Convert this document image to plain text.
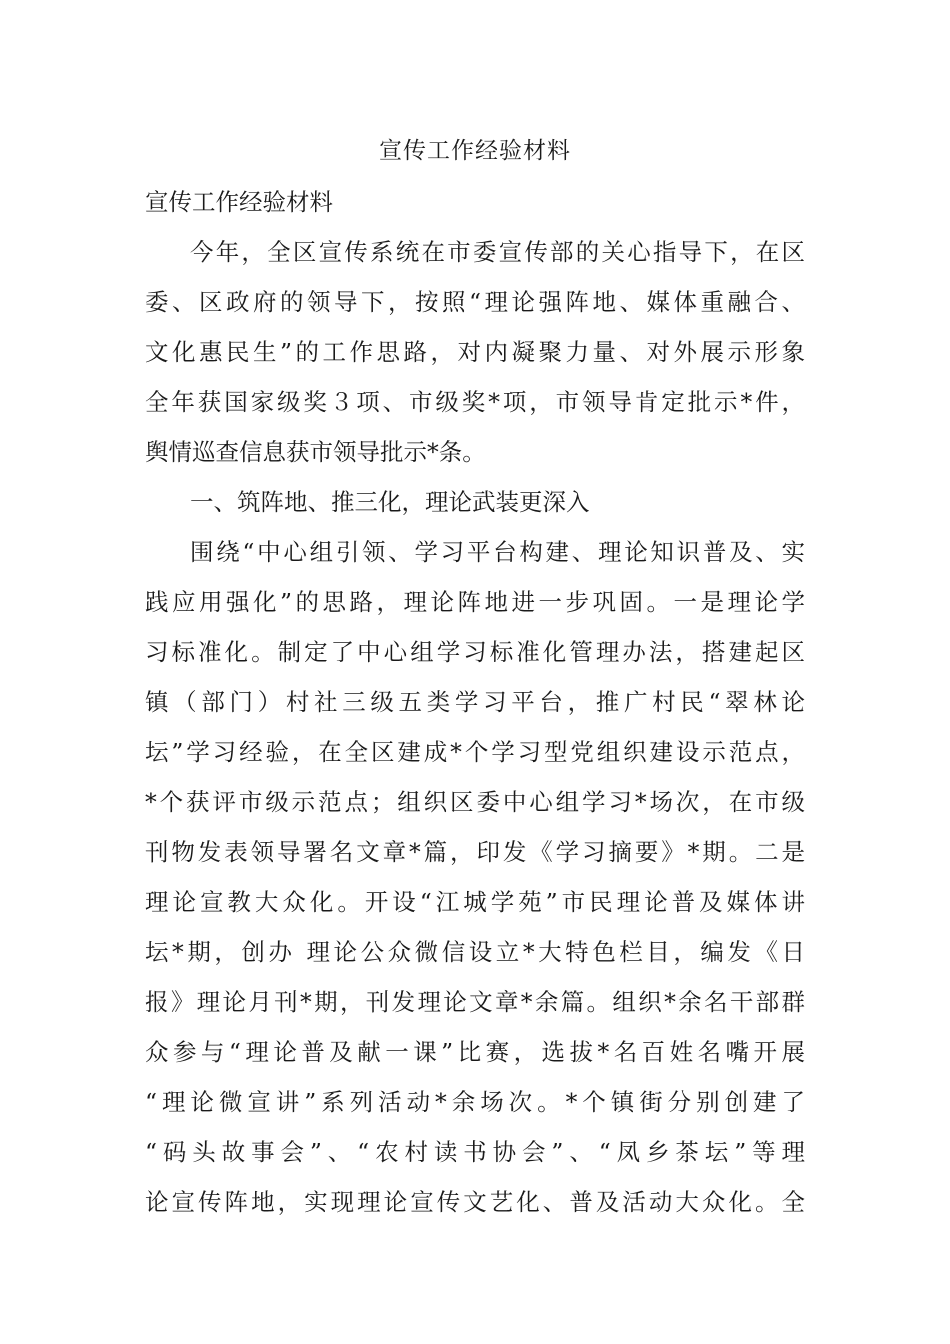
宣传工作经验材料
宣传工作经验材料
今年，全区宣传系统在市委宣传部的关心指导下，在区
委、区政府的领导下，按照“理论强阵地、媒体重融合、
文化惠民生”的工作思路，对内凝聚力量、对外展示形象
全年获国家级奖３项、市级奖*项，市领导肯定批示*件，
舆情巡查信息获市领导批示*条。
一、筑阵地、推三化，理论武装更深入
围绕“中心组引领、学习平台构建、理论知识普及、实
践应用强化”的思路，理论阵地进一步巩固。一是理论学
习标准化。制定了中心组学习标准化管理办法，搭建起区
镇（部门）村社三级五类学习平台，推广村民“翠林论
坛”学习经验，在全区建成*个学习型党组织建设示范点，
*个获评市级示范点；组织区委中心组学习*场次，在市级
刊物发表领导署名文章*篇，印发《学习摘要》*期。二是
理论宣教大众化。开设“江城学苑”市民理论普及媒体讲
坛*期，创办 理论公众微信设立*大特色栏目，编发《日
报》理论月刊*期，刊发理论文章*余篇。组织*余名干部群
众参与“理论普及献一课”比赛，选拔*名百姓名嘴开展
“理论微宣讲”系列活动*余场次。*个镇街分别创建了
“码头故事会”、“农村读书协会”、“凤乡茶坛”等理
论宣传阵地，实现理论宣传文艺化、普及活动大众化。全
